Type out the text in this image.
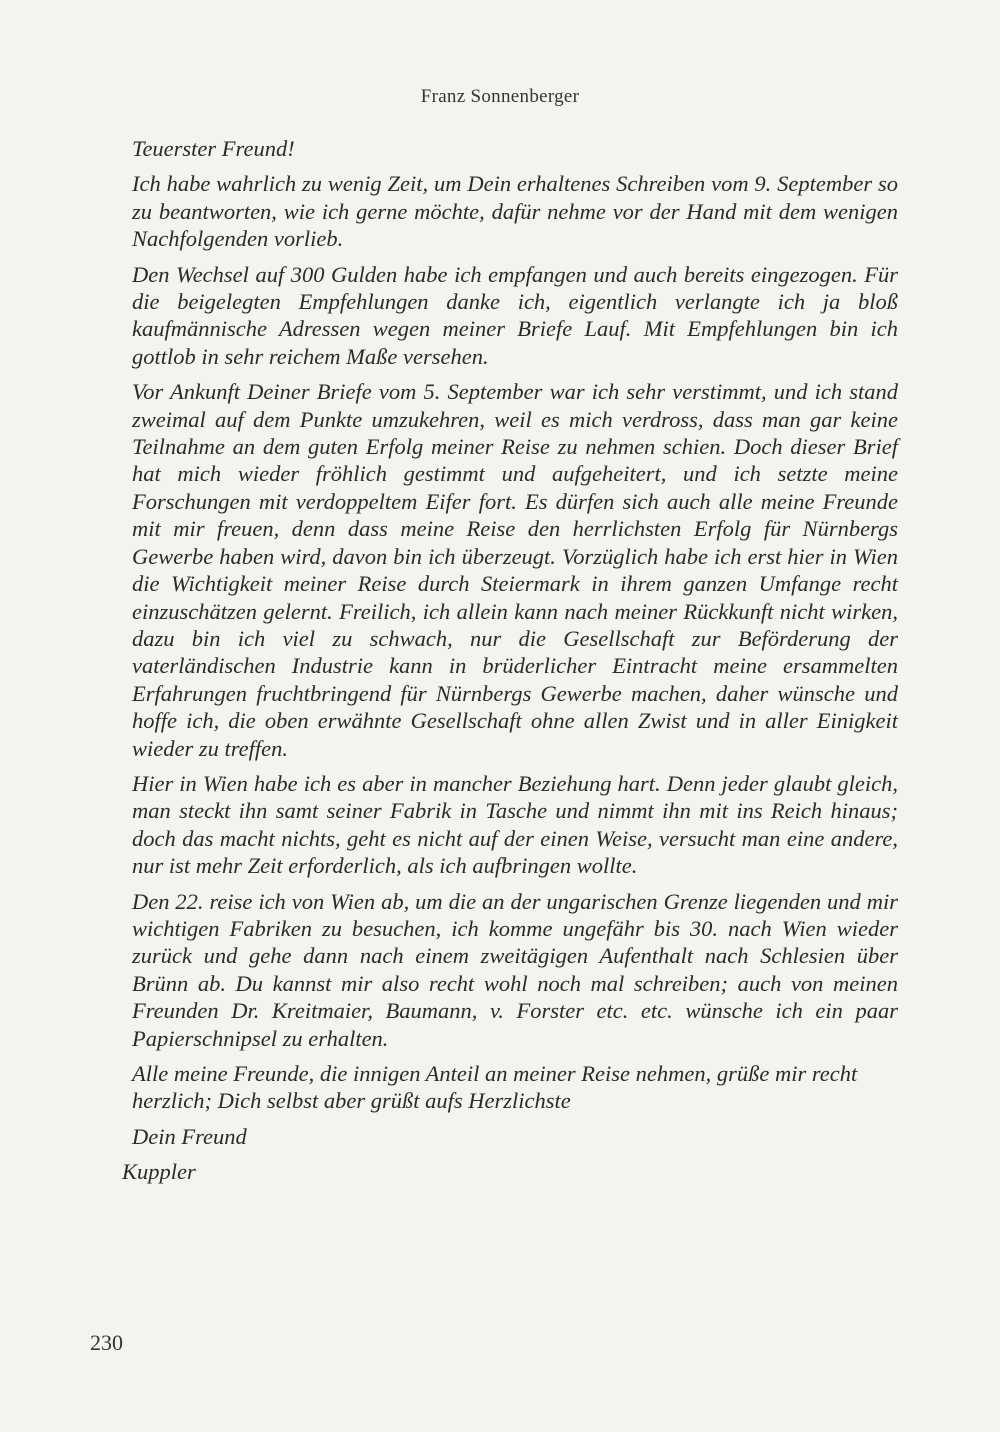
Franz Sonnenberger

Teuerster Freund!

Ich habe wahrlich zu wenig Zeit, um Dein erhaltenes Schreiben vom 9. September so zu beantworten, wie ich gerne möchte, dafür nehme vor der Hand mit dem wenigen Nachfolgenden vorlieb.

Den Wechsel auf 300 Gulden habe ich empfangen und auch bereits eingezogen. Für die beigelegten Empfehlungen danke ich, eigentlich verlangte ich ja bloß kaufmännische Adressen wegen meiner Briefe Lauf. Mit Empfehlungen bin ich gottlob in sehr reichem Maße versehen.

Vor Ankunft Deiner Briefe vom 5. September war ich sehr verstimmt, und ich stand zweimal auf dem Punkte umzukehren, weil es mich verdross, dass man gar keine Teilnahme an dem guten Erfolg meiner Reise zu nehmen schien. Doch dieser Brief hat mich wieder fröhlich gestimmt und aufgeheitert, und ich setzte meine Forschungen mit verdoppeltem Eifer fort. Es dürfen sich auch alle meine Freunde mit mir freuen, denn dass meine Reise den herrlichsten Erfolg für Nürnbergs Gewerbe haben wird, davon bin ich überzeugt. Vorzüglich habe ich erst hier in Wien die Wichtigkeit meiner Reise durch Steiermark in ihrem ganzen Umfange recht einzuschätzen gelernt. Freilich, ich allein kann nach meiner Rückkunft nicht wirken, dazu bin ich viel zu schwach, nur die Gesellschaft zur Beförderung der vaterländischen Industrie kann in brüderlicher Eintracht meine ersammelten Erfahrungen fruchtbringend für Nürnbergs Gewerbe machen, daher wünsche und hoffe ich, die oben erwähnte Gesellschaft ohne allen Zwist und in aller Einigkeit wieder zu treffen.

Hier in Wien habe ich es aber in mancher Beziehung hart. Denn jeder glaubt gleich, man steckt ihn samt seiner Fabrik in Tasche und nimmt ihn mit ins Reich hinaus; doch das macht nichts, geht es nicht auf der einen Weise, versucht man eine andere, nur ist mehr Zeit erforderlich, als ich aufbringen wollte.

Den 22. reise ich von Wien ab, um die an der ungarischen Grenze liegenden und mir wichtigen Fabriken zu besuchen, ich komme ungefähr bis 30. nach Wien wieder zurück und gehe dann nach einem zweitägigen Aufenthalt nach Schlesien über Brünn ab. Du kannst mir also recht wohl noch mal schreiben; auch von meinen Freunden Dr. Kreitmaier, Baumann, v. Forster etc. etc. wünsche ich ein paar Papierschnipsel zu erhalten.

Alle meine Freunde, die innigen Anteil an meiner Reise nehmen, grüße mir recht herzlich; Dich selbst aber grüßt aufs Herzlichste

Dein Freund

Kuppler

230
